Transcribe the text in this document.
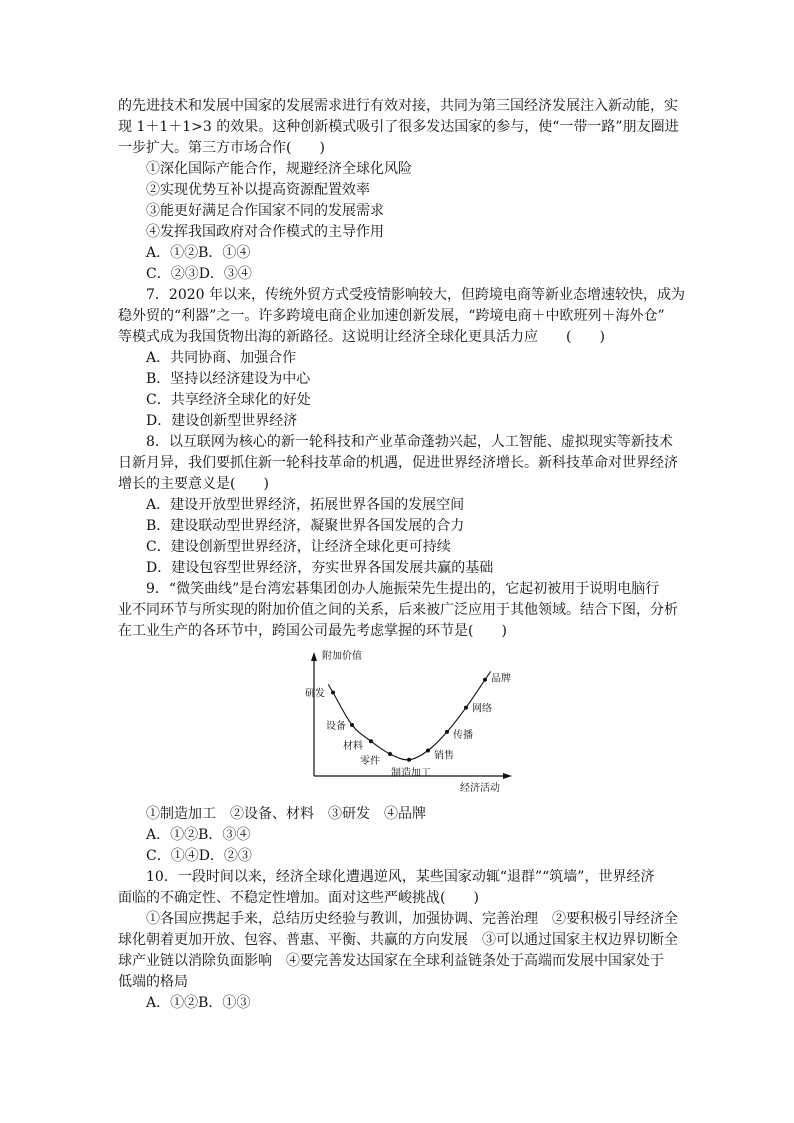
的先进技术和发展中国家的发展需求进行有效对接，共同为第三国经济发展注入新动能，实
现 1＋1＋1>3 的效果。这种创新模式吸引了很多发达国家的参与，使“一带一路”朋友圈进
一步扩大。第三方市场合作(　　)
①深化国际产能合作，规避经济全球化风险
②实现优势互补以提高资源配置效率
③能更好满足合作国家不同的发展需求
④发挥我国政府对合作模式的主导作用
A．①②B．①④
C．②③D．③④
7．2020 年以来，传统外贸方式受疫情影响较大，但跨境电商等新业态增速较快，成为
稳外贸的“利器”之一。许多跨境电商企业加速创新发展，“跨境电商＋中欧班列＋海外仓”
等模式成为我国货物出海的新路径。这说明让经济全球化更具活力应　　(　　)
A．共同协商、加强合作
B．坚持以经济建设为中心
C．共享经济全球化的好处
D．建设创新型世界经济
8．以互联网为核心的新一轮科技和产业革命蓬勃兴起，人工智能、虚拟现实等新技术
日新月异，我们要抓住新一轮科技革命的机遇，促进世界经济增长。新科技革命对世界经济
增长的主要意义是(　　)
A．建设开放型世界经济，拓展世界各国的发展空间
B．建设联动型世界经济，凝聚世界各国发展的合力
C．建设创新型世界经济，让经济全球化更可持续
D．建设包容型世界经济，夯实世界各国发展共赢的基础
9．“微笑曲线”是台湾宏碁集团创办人施振荣先生提出的，它起初被用于说明电脑行
业不同环节与所实现的附加价值之间的关系，后来被广泛应用于其他领域。结合下图，分析
在工业生产的各环节中，跨国公司最先考虑掌握的环节是(　　)
附加价值
经济活动
研发
设备
材料
零件
制造加工
销售
传播
网络
品牌
①制造加工　②设备、材料　③研发　④品牌
A．①②B．③④
C．①④D．②③
10．一段时间以来，经济全球化遭遇逆风，某些国家动辄“退群”“筑墙”，世界经济
面临的不确定性、不稳定性增加。面对这些严峻挑战(　　)
①各国应携起手来，总结历史经验与教训，加强协调、完善治理　②要积极引导经济全
球化朝着更加开放、包容、普惠、平衡、共赢的方向发展　③可以通过国家主权边界切断全
球产业链以消除负面影响　④要完善发达国家在全球利益链条处于高端而发展中国家处于
低端的格局
A．①②B．①③
